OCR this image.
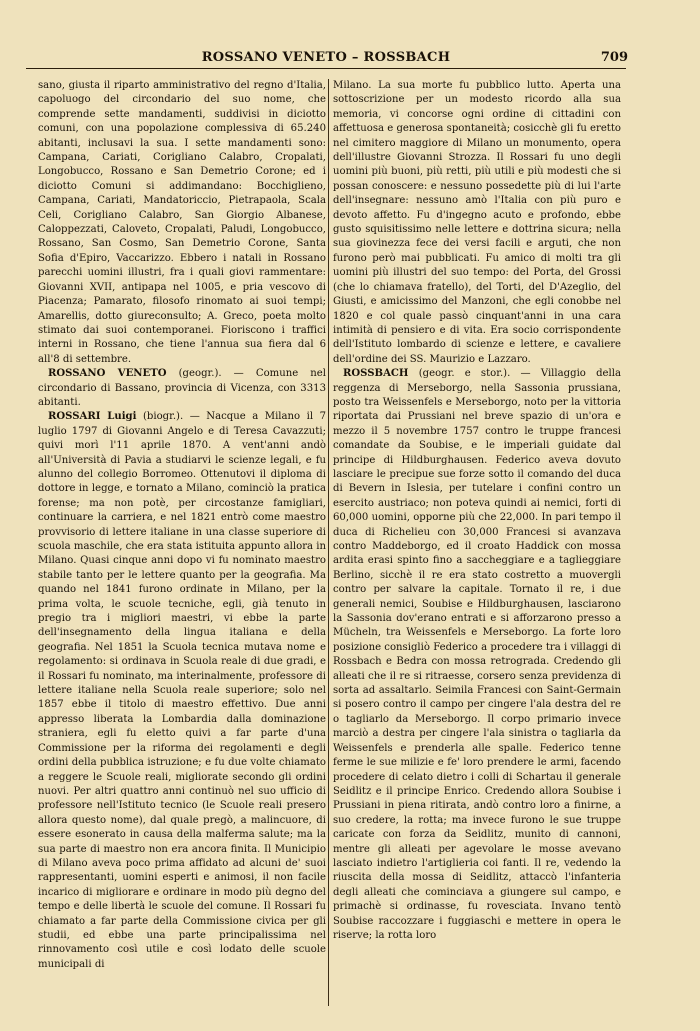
ROSSANO VENETO – ROSSBACH	709

sano, giusta il riparto amministrativo del regno d'Italia, capoluogo del circondario del suo nome, che comprende sette mandamenti, suddivisi in diciotto comuni, con una popolazione complessiva di 65.240 abitanti, inclusavi la sua. I sette mandamenti sono: Campana, Cariati, Corigliano Calabro, Cropalati, Longobucco, Rossano e San Demetrio Corone; ed i diciotto Comuni si addimandano: Bocchiglieno, Campana, Cariati, Mandatoriccio, Pietrapaola, Scala Celi, Corigliano Calabro, San Giorgio Albanese, Caloppezzati, Caloveto, Cropalati, Paludi, Longobucco, Rossano, San Cosmo, San Demetrio Corone, Santa Sofia d'Epiro, Vaccarizzo. Ebbero i natali in Rossano parecchi uomini illustri, fra i quali giovi rammentare: Giovanni XVII, antipapa nel 1005, e pria vescovo di Piacenza; Pamarato, filosofo rinomato ai suoi tempi; Amarellis, dotto giureconsulto; A. Greco, poeta molto stimato dai suoi contemporanei. Fioriscono i traffici interni in Rossano, che tiene l'annua sua fiera dal 6 all'8 di settembre.

ROSSANO VENETO (geogr.). — Comune nel circondario di Bassano, provincia di Vicenza, con 3313 abitanti.

ROSSARI Luigi (biogr.). — Nacque a Milano il 7 luglio 1797 di Giovanni Angelo e di Teresa Cavazzuti; quivi morì l'11 aprile 1870. A vent'anni andò all'Università di Pavia a studiarvi le scienze legali, e fu alunno del collegio Borromeo. Ottenutovi il diploma di dottore in legge, e tornato a Milano, cominciò la pratica forense; ma non potè, per circostanze famigliari, continuare la carriera, e nel 1821 entrò come maestro provvisorio di lettere italiane in una classe superiore di scuola maschile, che era stata istituita appunto allora in Milano. Quasi cinque anni dopo vi fu nominato maestro stabile tanto per le lettere quanto per la geografia. Ma quando nel 1841 furono ordinate in Milano, per la prima volta, le scuole tecniche, egli, già tenuto in pregio tra i migliori maestri, vi ebbe la parte dell'insegnamento della lingua italiana e della geografia. Nel 1851 la Scuola tecnica mutava nome e regolamento: si ordinava in Scuola reale di due gradi, e il Rossari fu nominato, ma interinalmente, professore di lettere italiane nella Scuola reale superiore; solo nel 1857 ebbe il titolo di maestro effettivo. Due anni appresso liberata la Lombardia dalla dominazione straniera, egli fu eletto quivi a far parte d'una Commissione per la riforma dei regolamenti e degli ordini della pubblica istruzione; e fu due volte chiamato a reggere le Scuole reali, migliorate secondo gli ordini nuovi. Per altri quattro anni continuò nel suo ufficio di professore nell'Istituto tecnico (le Scuole reali presero allora questo nome), dal quale pregò, a malincuore, di essere esonerato in causa della malferma salute; ma la sua parte di maestro non era ancora finita. Il Municipio di Milano aveva poco prima affidato ad alcuni de' suoi rappresentanti, uomini esperti e animosi, il non facile incarico di migliorare e ordinare in modo più degno del tempo e delle libertà le scuole del comune. Il Rossari fu chiamato a far parte della Commissione civica per gli studii, ed ebbe una parte principalissima nel rinnovamento così utile e così lodato delle scuole municipali di

Milano. La sua morte fu pubblico lutto. Aperta una sottoscrizione per un modesto ricordo alla sua memoria, vi concorse ogni ordine di cittadini con affettuosa e generosa spontaneità; cosicchè gli fu eretto nel cimitero maggiore di Milano un monumento, opera dell'illustre Giovanni Strozza. Il Rossari fu uno degli uomini più buoni, più retti, più utili e più modesti che si possan conoscere: e nessuno possedette più di lui l'arte dell'insegnare: nessuno amò l'Italia con più puro e devoto affetto. Fu d'ingegno acuto e profondo, ebbe gusto squisitissimo nelle lettere e dottrina sicura; nella sua giovinezza fece dei versi facili e arguti, che non furono però mai pubblicati. Fu amico di molti tra gli uomini più illustri del suo tempo: del Porta, del Grossi (che lo chiamava fratello), del Torti, del D'Azeglio, del Giusti, e amicissimo del Manzoni, che egli conobbe nel 1820 e col quale passò cinquant'anni in una cara intimità di pensiero e di vita. Era socio corrispondente dell'Istituto lombardo di scienze e lettere, e cavaliere dell'ordine dei SS. Maurizio e Lazzaro.

ROSSBACH (geogr. e stor.). — Villaggio della reggenza di Merseborgo, nella Sassonia prussiana, posto tra Weissenfels e Merseborgo, noto per la vittoria riportata dai Prussiani nel breve spazio di un'ora e mezzo il 5 novembre 1757 contro le truppe francesi comandate da Soubise, e le imperiali guidate dal principe di Hildburghausen. Federico aveva dovuto lasciare le precipue sue forze sotto il comando del duca di Bevern in Islesia, per tutelare i confini contro un esercito austriaco; non poteva quindi ai nemici, forti di 60,000 uomini, opporne più che 22,000. In pari tempo il duca di Richelieu con 30,000 Francesi si avanzava contro Maddeborgo, ed il croato Haddick con mossa ardita erasi spinto fino a saccheggiare e a taglieggiare Berlino, sicchè il re era stato costretto a muovergli contro per salvare la capitale. Tornato il re, i due generali nemici, Soubise e Hildburghausen, lasciarono la Sassonia dov'erano entrati e si afforzarono presso a Mücheln, tra Weissenfels e Merseborgo. La forte loro posizione consigliò Federico a procedere tra i villaggi di Rossbach e Bedra con mossa retrograda. Credendo gli alleati che il re si ritraesse, corsero senza previdenza di sorta ad assaltarlo. Seimila Francesi con Saint-Germain si posero contro il campo per cingere l'ala destra del re o tagliarlo da Merseborgo. Il corpo primario invece marciò a destra per cingere l'ala sinistra o tagliarla da Weissenfels e prenderla alle spalle. Federico tenne ferme le sue milizie e fe' loro prendere le armi, facendo procedere di celato dietro i colli di Schartau il generale Seidlitz e il principe Enrico. Credendo allora Soubise i Prussiani in piena ritirata, andò contro loro a finirne, a suo credere, la rotta; ma invece furono le sue truppe caricate con forza da Seidlitz, munito di cannoni, mentre gli alleati per agevolare le mosse avevano lasciato indietro l'artiglieria coi fanti. Il re, vedendo la riuscita della mossa di Seidlitz, attaccò l'infanteria degli alleati che cominciava a giungere sul campo, e primachè si ordinasse, fu rovesciata. Invano tentò Soubise raccozzare i fuggiaschi e mettere in opera le riserve; la rotta loro
